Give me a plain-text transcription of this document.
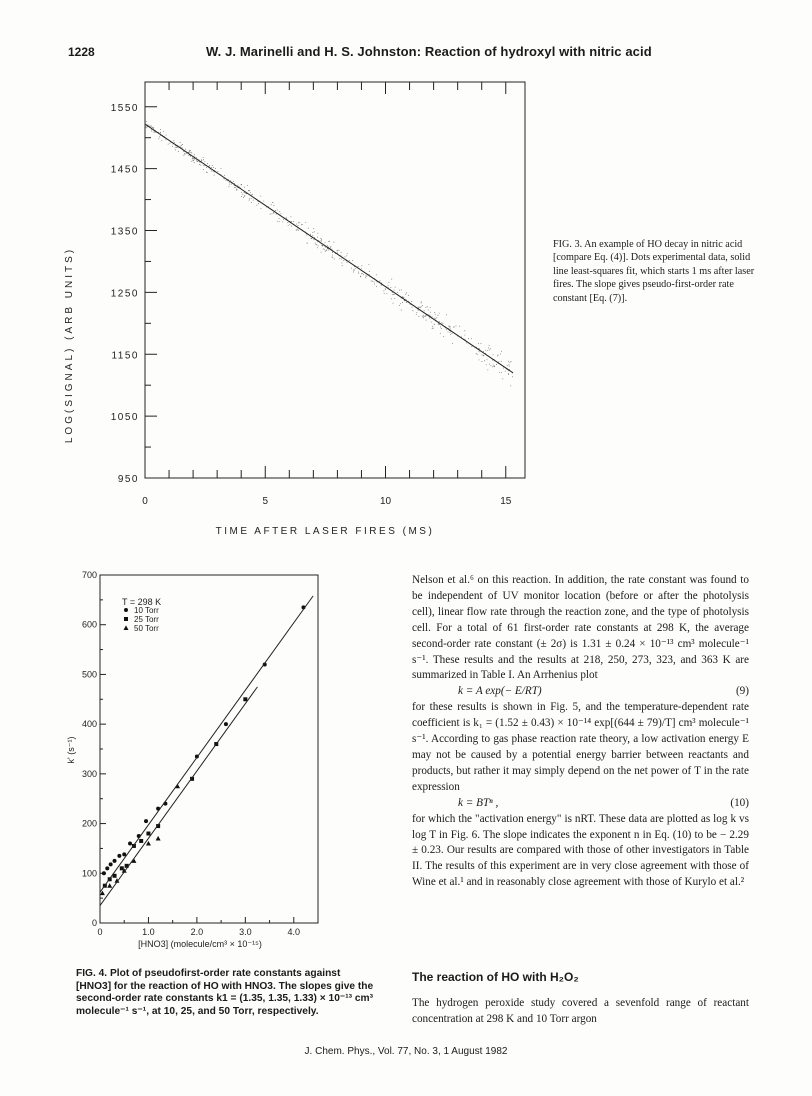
1228	W. J. Marinelli and H. S. Johnston: Reaction of hydroxyl with nitric acid
0	5	10	15
950
1050
1150
1250
1350
1450
1550
LOG(SIGNAL) (ARB UNITS)
TIME AFTER LASER FIRES (MS)
FIG. 3. An example of HO decay in nitric acid [compare Eq. (4)]. Dots experimental data, solid line least-squares fit, which starts 1 ms after laser fires. The slope gives pseudo-first-order rate constant [Eq. (7)].
0	1.0	2.0	3.0	4.0
0
100
200
300
400
500
600
700
10 Torr
25 Torr
50 Torr
T = 298 K
k' (s⁻¹)
[HNO3] (molecule/cm³ × 10⁻¹⁵)
FIG. 4. Plot of pseudofirst-order rate constants against [HNO3] for the reaction of HO with HNO3. The slopes give the second-order rate constants k1 = (1.35, 1.35, 1.33) × 10⁻¹³ cm³ molecule⁻¹ s⁻¹, at 10, 25, and 50 Torr, respectively.

Nelson et al.⁶ on this reaction. In addition, the rate constant was found to be independent of UV monitor location (before or after the photolysis cell), linear flow rate through the reaction zone, and the type of photolysis cell. For a total of 61 first-order rate constants at 298 K, the average second-order rate constant (± 2σ) is 1.31 ± 0.24 × 10⁻¹³ cm³ molecule⁻¹ s⁻¹. These results and the results at 218, 250, 273, 323, and 363 K are summarized in Table I. An Arrhenius plot

k = A exp(− E/RT)	(9)

for these results is shown in Fig. 5, and the temperature-dependent rate coefficient is k₁ = (1.52 ± 0.43) × 10⁻¹⁴ exp[(644 ± 79)/T] cm³ molecule⁻¹ s⁻¹. According to gas phase reaction rate theory, a low activation energy E may not be caused by a potential energy barrier between reactants and products, but rather it may simply depend on the net power of T in the rate expression

k = BTⁿ ,	(10)

for which the "activation energy" is nRT. These data are plotted as log k vs log T in Fig. 6. The slope indicates the exponent n in Eq. (10) to be − 2.29 ± 0.23. Our results are compared with those of other investigators in Table II. The results of this experiment are in very close agreement with those of Wine et al.¹ and in reasonably close agreement with those of Kurylo et al.²

The reaction of HO with H₂O₂
The hydrogen peroxide study covered a sevenfold range of reactant concentration at 298 K and 10 Torr argon
J. Chem. Phys., Vol. 77, No. 3, 1 August 1982
